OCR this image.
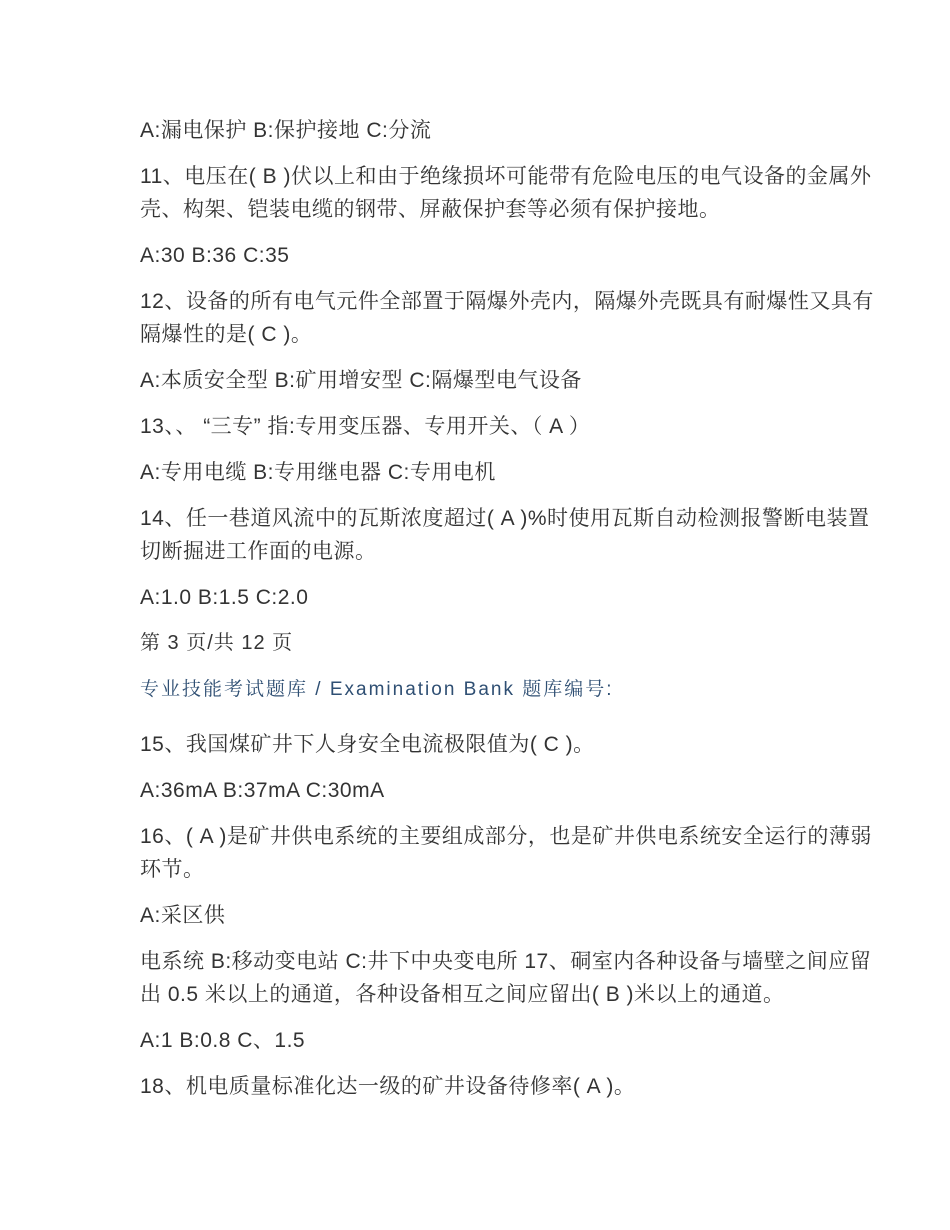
A:漏电保护 B:保护接地 C:分流
11、电压在( B )伏以上和由于绝缘损坏可能带有危险电压的电气设备的金属外
壳、构架、铠装电缆的钢带、屏蔽保护套等必须有保护接地。
A:30 B:36 C:35
12、设备的所有电气元件全部置于隔爆外壳内，隔爆外壳既具有耐爆性又具有
隔爆性的是( C )。
A:本质安全型 B:矿用增安型 C:隔爆型电气设备
13、、 “三专” 指:专用变压器、专用开关、（ A ）
A:专用电缆 B:专用继电器 C:专用电机
14、任一巷道风流中的瓦斯浓度超过( A )%时使用瓦斯自动检测报警断电装置
切断掘进工作面的电源。
A:1.0 B:1.5 C:2.0
第 3 页/共 12 页
专业技能考试题库 / Examination Bank 题库编号:
15、我国煤矿井下人身安全电流极限值为( C )。
A:36mA B:37mA C:30mA
16、( A )是矿井供电系统的主要组成部分，也是矿井供电系统安全运行的薄弱
环节。
A:采区供
电系统 B:移动变电站 C:井下中央变电所 17、硐室内各种设备与墙壁之间应留
出 0.5 米以上的通道，各种设备相互之间应留出( B )米以上的通道。
A:1 B:0.8 C、1.5
18、机电质量标准化达一级的矿井设备待修率( A )。
